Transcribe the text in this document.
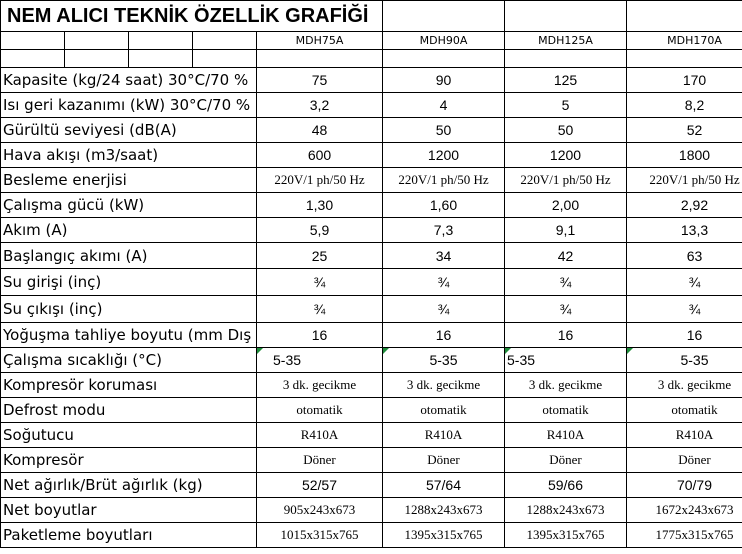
NEM ALICI TEKNİK ÖZELLİK GRAFİĞİ							
				MDH75A	MDH90A	MDH125A	MDH170A

Kapasite (kg/24 saat) 30°C/70 %				75	90	125	170
Isı geri kazanımı (kW) 30°C/70 %				3,2	4	5	8,2
Gürültü seviyesi (dB(A)				48	50	50	52
Hava akışı (m3/saat)				600	1200	1200	1800
Besleme enerjisi				220V/1 ph/50 Hz	220V/1 ph/50 Hz	220V/1 ph/50 Hz	220V/1 ph/50 Hz
Çalışma gücü (kW)				1,30	1,60	2,00	2,92
Akım (A)				5,9	7,3	9,1	13,3
Başlangıç akımı (A)				25	34	42	63
Su girişi (inç)				¾	¾	¾	¾
Su çıkışı (inç)				¾	¾	¾	¾
Yoğuşma tahliye boyutu (mm Dış				16	16	16	16
Çalışma sıcaklığı (°C)				5-35	5-35	5-35	5-35
Kompresör koruması				3 dk. gecikme	3 dk. gecikme	3 dk. gecikme	3 dk. gecikme
Defrost modu				otomatik	otomatik	otomatik	otomatik
Soğutucu				R410A	R410A	R410A	R410A
Kompresör				Döner	Döner	Döner	Döner
Net ağırlık/Brüt ağırlık (kg)				52/57	57/64	59/66	70/79
Net boyutlar				905x243x673	1288x243x673	1288x243x673	1672x243x673
Paketleme boyutları				1015x315x765	1395x315x765	1395x315x765	1775x315x765
